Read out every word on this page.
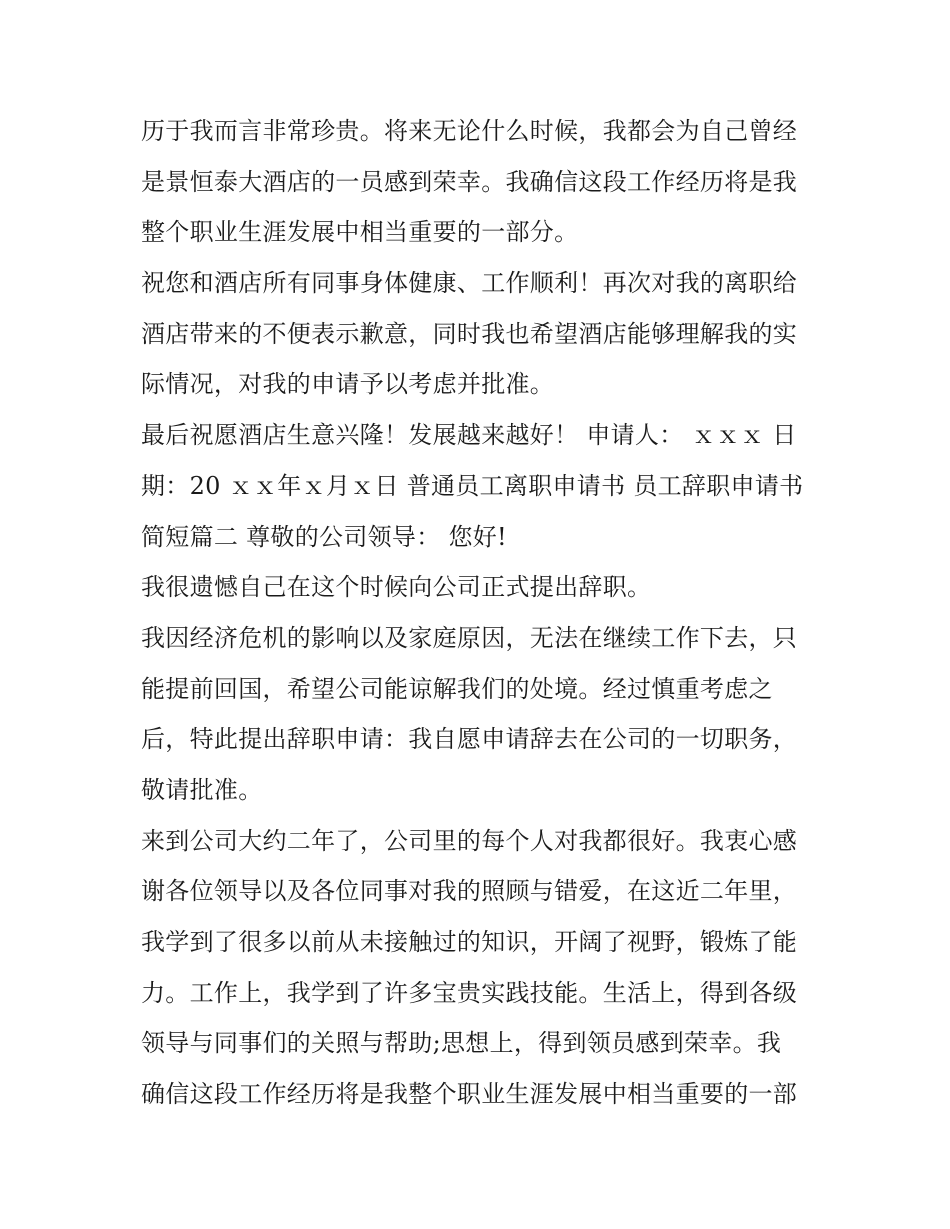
历于我而言非常珍贵。将来无论什么时候，我都会为自己曾经
是景恒泰大酒店的一员感到荣幸。我确信这段工作经历将是我
整个职业生涯发展中相当重要的一部分。
祝您和酒店所有同事身体健康、工作顺利！再次对我的离职给
酒店带来的不便表示歉意，同时我也希望酒店能够理解我的实
际情况，对我的申请予以考虑并批准。
最后祝愿酒店生意兴隆！发展越来越好！ 申请人： ｘｘｘ 日
期：20 ｘｘ年ｘ月ｘ日 普通员工离职申请书 员工辞职申请书
简短篇二 尊敬的公司领导： 您好!
我很遗憾自己在这个时候向公司正式提出辞职。
我因经济危机的影响以及家庭原因，无法在继续工作下去，只
能提前回国，希望公司能谅解我们的处境。经过慎重考虑之
后，特此提出辞职申请：我自愿申请辞去在公司的一切职务，
敬请批准。
来到公司大约二年了，公司里的每个人对我都很好。我衷心感
谢各位领导以及各位同事对我的照顾与错爱，在这近二年里，
我学到了很多以前从未接触过的知识，开阔了视野，锻炼了能
力。工作上，我学到了许多宝贵实践技能。生活上，得到各级
领导与同事们的关照与帮助;思想上，得到领员感到荣幸。我
确信这段工作经历将是我整个职业生涯发展中相当重要的一部
